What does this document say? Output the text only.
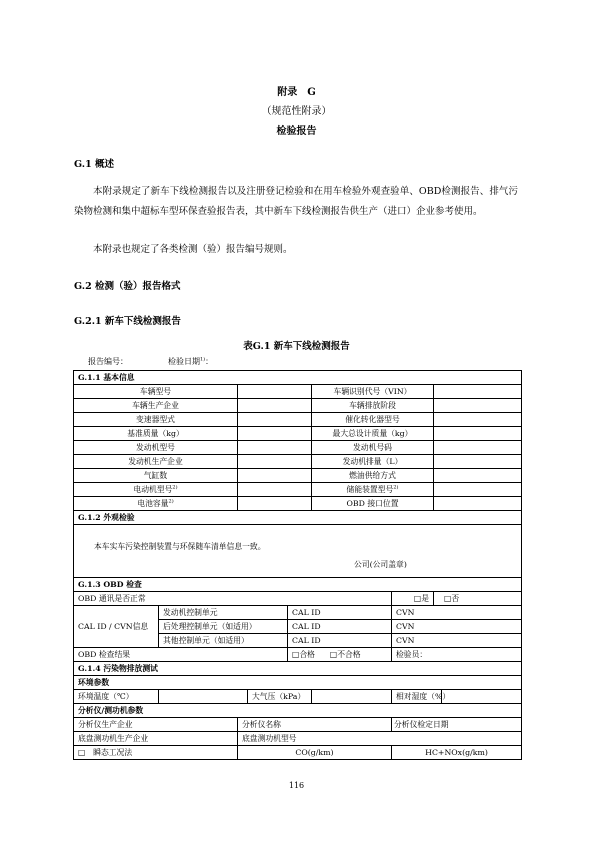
附录　G
（规范性附录）
检验报告
G.1 概述

本附录规定了新车下线检测报告以及注册登记检验和在用车检验外观查验单、OBD检测报告、排气污染物检测和集中超标车型环保查验报告表，其中新车下线检测报告供生产（进口）企业参考使用。

本附录也规定了各类检测（验）报告编号规则。

G.2 检测（验）报告格式
G.2.1 新车下线检测报告
表G.1 新车下线检测报告
报告编号：	检验日期$^{1)}$：
G.1.1 基本信息								
车辆型号					车辆识别代号（VIN）			
车辆生产企业					车辆排放阶段			
变速器型式					催化转化器型号			
基准质量（kg）					最大总设计质量（kg）			
发动机型号					发动机号码			
发动机生产企业					发动机排量（L）			
气缸数					燃油供给方式			
电动机型号$^{2)}$					储能装置型号$^{2)}$	
电池容量$^{2)}$					OBD 接口位置			
G.1.2 外观检验								

本车实车污染控制装置与环保随车清单信息一致。
公司(公司盖章)								

G.1.3 OBD 检查								
OBD 通讯是否正常						□是	□否	
CAL ID / CVN信息	发动机控制单元			CAL ID		CVN		
	后处理控制单元（如适用）			CAL ID		CVN		
	其他控制单元（如适用）			CAL ID		CVN		
OBD 检查结果				□合格 □不合格		检验员：		
G.1.4 污染物排放测试								
环境参数								
环境温度（℃）			大气压（kPa）			相对湿度（%）		
分析仪/测功机参数								
分析仪生产企业		分析仪名称				分析仪检定日期		
底盘测功机生产企业		底盘测功机型号						
□　瞬态工况法		CO(g/km)				HC+NOx(g/km)		
116
